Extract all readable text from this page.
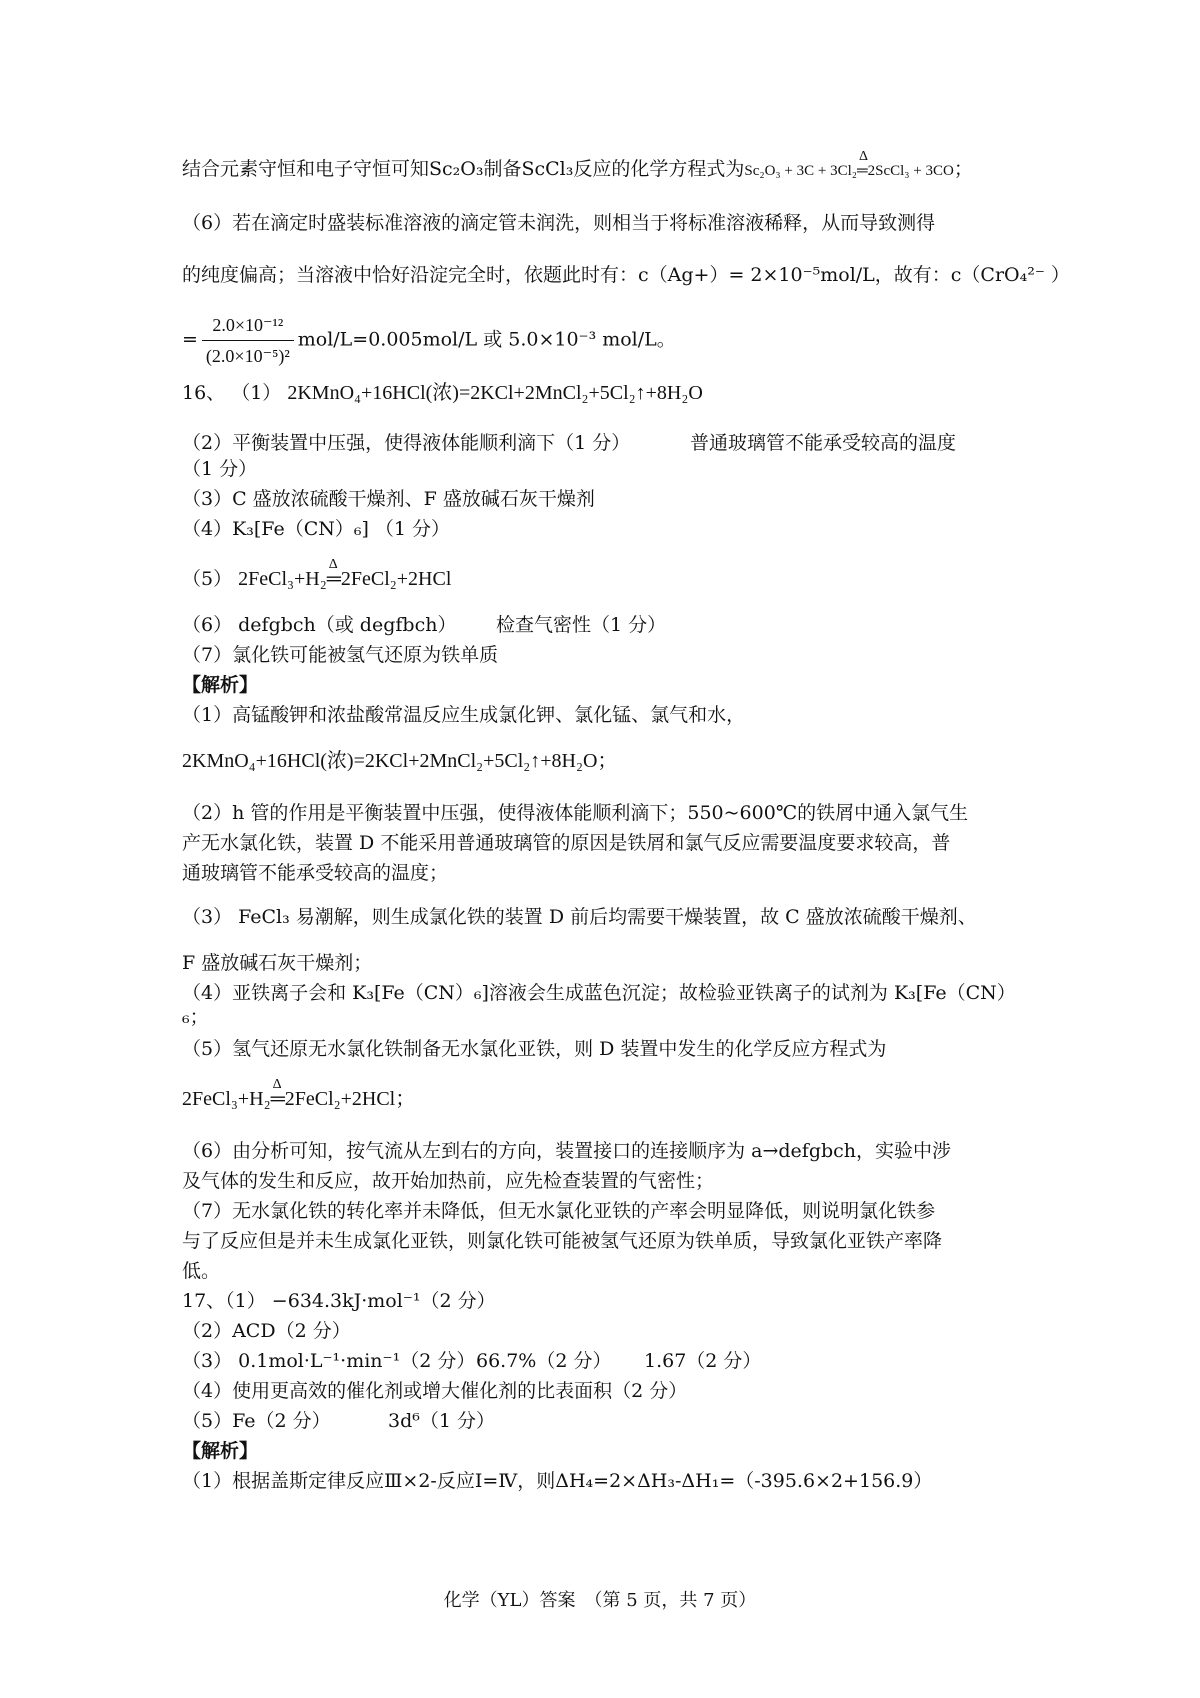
结合元素守恒和电子守恒可知Sc₂O₃制备ScCl₃反应的化学方程式为Sc₂O₃ + 3C + 3Cl₂
Δ
═2ScCl₃ + 3CO；
（6）若在滴定时盛装标准溶液的滴定管未润洗，则相当于将标准溶液稀释，从而导致测得
的纯度偏高；当溶液中恰好沿淀完全时，依题此时有：c（Ag+）= 2×10⁻⁵mol/L，故有：c（CrO₄²⁻ ）
= $\frac{\text{2.0×10⁻¹²}}{\text{(2.0×10⁻⁵)²}} mol/L=0.005mol/L$ 或 5.0×10⁻³ mol/L。
16、 （1） 2KMnO₄+16HCl(浓)=2KCl+2MnCl₂+5Cl₂↑+8H₂O
（2）平衡装置中压强，使得液体能顺利滴下（1 分）	普通玻璃管不能承受较高的温度
（1 分）
（3）C 盛放浓硫酸干燥剂、F 盛放碱石灰干燥剂
（4）K₃[Fe（CN）₆] （1 分）
（5） 2FeCl₃+H₂
Δ
═2FeCl₂+2HCl
（6） defgbch（或 degfbch） 检查气密性（1 分）
（7）氯化铁可能被氢气还原为铁单质
【解析】
（1）高锰酸钾和浓盐酸常温反应生成氯化钾、氯化锰、氯气和水，
2KMnO₄+16HCl(浓)=2KCl+2MnCl₂+5Cl₂↑+8H₂O；
（2）h 管的作用是平衡装置中压强，使得液体能顺利滴下；550~600℃的铁屑中通入氯气生
产无水氯化铁，装置 D 不能采用普通玻璃管的原因是铁屑和氯气反应需要温度要求较高，普
通玻璃管不能承受较高的温度；
（3） FeCl₃ 易潮解，则生成氯化铁的装置 D 前后均需要干燥装置，故 C 盛放浓硫酸干燥剂、
F 盛放碱石灰干燥剂；
（4）亚铁离子会和 K₃[Fe（CN）₆]溶液会生成蓝色沉淀；故检验亚铁离子的试剂为 K₃[Fe（CN）
₆；
（5）氢气还原无水氯化铁制备无水氯化亚铁，则 D 装置中发生的化学反应方程式为
2FeCl₃+H₂
Δ
═2FeCl₂+2HCl；
（6）由分析可知，按气流从左到右的方向，装置接口的连接顺序为 a→defgbch，实验中涉
及气体的发生和反应，故开始加热前，应先检查装置的气密性；
（7）无水氯化铁的转化率并未降低，但无水氯化亚铁的产率会明显降低，则说明氯化铁参
与了反应但是并未生成氯化亚铁，则氯化铁可能被氢气还原为铁单质，导致氯化亚铁产率降
低。
17、（1） −634.3kJ·mol⁻¹（2 分）
（2）ACD（2 分）
（3） 0.1mol·L⁻¹·min⁻¹（2 分） 66.7%（2 分） 1.67（2 分）
（4）使用更高效的催化剂或增大催化剂的比表面积（2 分）
（5）Fe（2 分）	3d⁶（1 分）
【解析】
（1）根据盖斯定律反应Ⅲ×2-反应Ⅰ=Ⅳ，则ΔH₄=2×ΔH₃-ΔH₁=（-395.6×2+156.9）
化学（YL）答案　（第 5 页，共 7 页）
